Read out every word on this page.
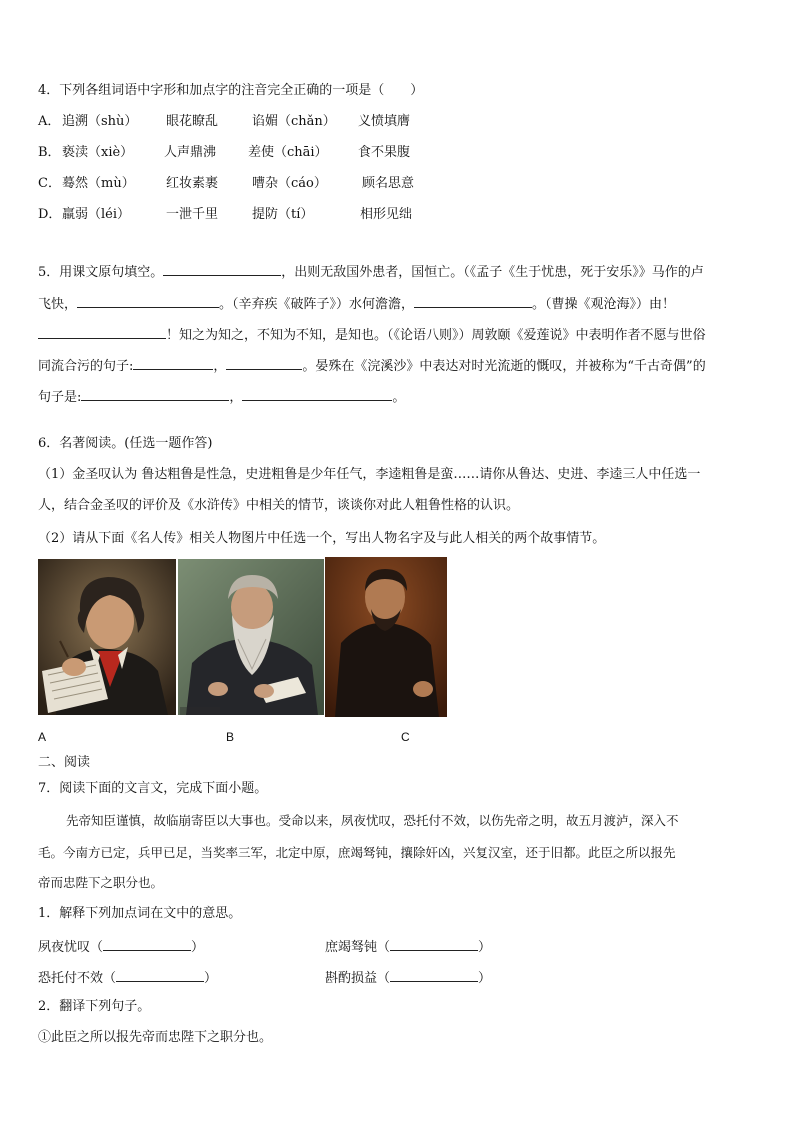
4．下列各组词语中字形和加点字的注音完全正确的一项是（　　）
A． 追溯（shù） 眼花瞭乱	谄媚（chǎn） 义愤填膺
B．亵渎（xiè） 人声鼎沸 差使（chāi） 食不果腹
C．蓦然（mù） 红妆素裹	嘈杂（cáo）	顾名思意
D．羸弱（léi）	一泄千里	提防（tí）	相形见绌
5．用课文原句填空。	，出则无敌国外患者，国恒亡。（《孟子《生于忧患，死于安乐》》马作的卢
飞快，	。（辛弃疾《破阵子》）水何澹澹，	。（曹操《观沧海》）由！
！知之为知之，不知为不知，是知也。（《论语八则》）周敦颐《爱莲说》中表明作者不愿与世俗
同流合污的句子:	，	。晏殊在《浣溪沙》中表达对时光流逝的慨叹，并被称为“千古奇偶”的
句子是:	，	。
6．名著阅读。(任选一题作答)
（1）金圣叹认为 鲁达粗鲁是性急，史进粗鲁是少年任气，李逵粗鲁是蛮……请你从鲁达、史进、李逵三人中任选一
人，结合金圣叹的评价及《水浒传》中相关的情节，谈谈你对此人粗鲁性格的认识。
（2）请从下面《名人传》相关人物图片中任选一个，写出人物名字及与此人相关的两个故事情节。
A	B	C
二、阅读
7．阅读下面的文言文，完成下面小题。
先帝知臣谨慎，故临崩寄臣以大事也。受命以来，夙夜忧叹，恐托付不效，以伤先帝之明，故五月渡泸，深入不
毛。今南方已定，兵甲已足，当奖率三军，北定中原，庶竭驽钝，攘除奸凶，兴复汉室，还于旧都。此臣之所以报先
帝而忠陛下之职分也。
1．解释下列加点词在文中的意思。
夙夜忧叹（	）	庶竭驽钝（	）
恐托付不效（	）	斟酌损益（	）
2．翻译下列句子。
①此臣之所以报先帝而忠陛下之职分也。
